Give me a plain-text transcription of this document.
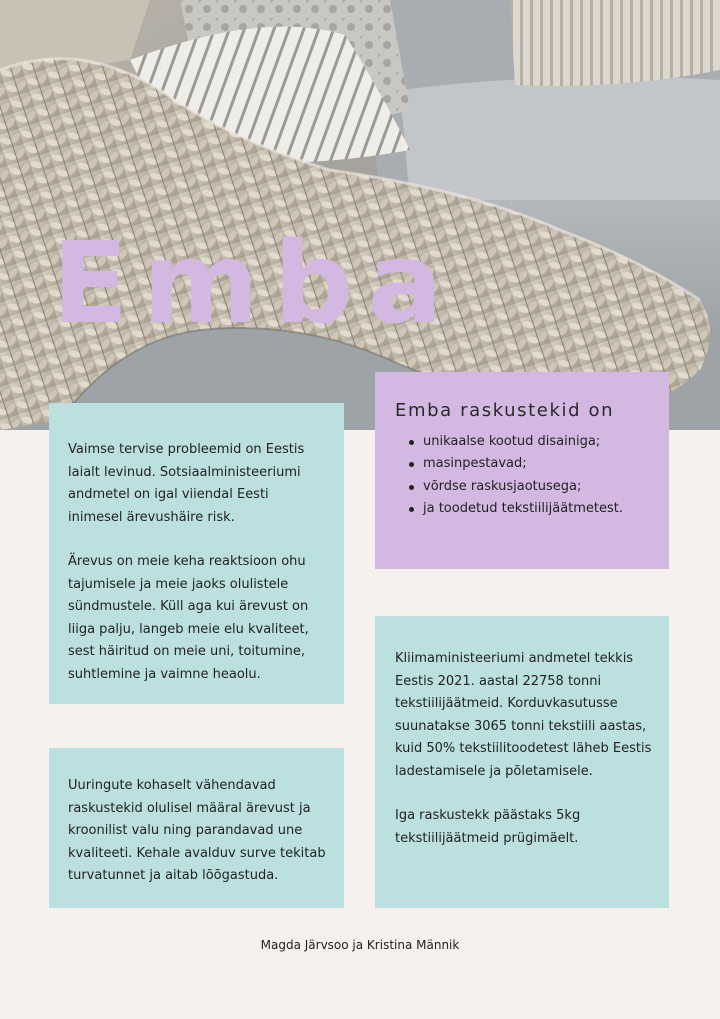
Emba

Vaimse tervise probleemid on Eestis laialt levinud. Sotsiaalministeeriumi andmetel on igal viiendal Eesti inimesel ärevushäire risk.

Ärevus on meie keha reaktsioon ohu tajumisele ja meie jaoks olulistele sündmustele. Küll aga kui ärevust on liiga palju, langeb meie elu kvaliteet, sest häiritud on meie uni, toitumine, suhtlemine ja vaimne heaolu.

Uuringute kohaselt vähendavad raskustekid olulisel määral ärevust ja kroonilist valu ning parandavad une kvaliteeti. Kehale avalduv surve tekitab turvatunnet ja aitab lõõgastuda.

Emba raskustekid on
unikaalse kootud disainiga;
masinpestavad;
võrdse raskusjaotusega;
ja toodetud tekstiilijäätmetest.

Kliimaministeeriumi andmetel tekkis Eestis 2021. aastal 22758 tonni tekstiilijäätmeid. Korduvkasutusse suunatakse 3065 tonni tekstiili aastas, kuid 50% tekstiilitoodetest läheb Eestis ladestamisele ja põletamisele.

Iga raskustekk päästaks 5kg tekstiilijäätmeid prügimäelt.

Magda Järvsoo ja Kristina Männik
